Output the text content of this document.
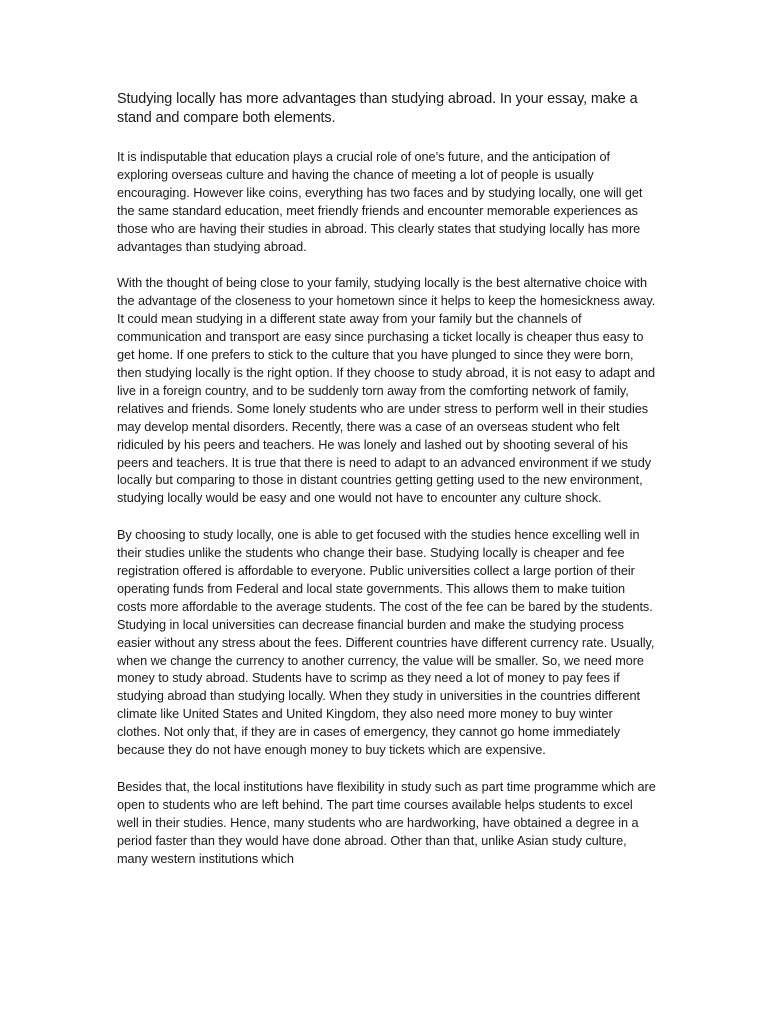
Studying locally has more advantages than studying abroad. In your essay, make a stand and compare both elements.

It is indisputable that education plays a crucial role of one’s future, and the anticipation of exploring overseas culture and having the chance of meeting a lot of people is usually encouraging. However like coins, everything has two faces and by studying locally, one will get the same standard education, meet friendly friends and encounter memorable experiences as those who are having their studies in abroad. This clearly states that studying locally has more advantages than studying abroad.

With the thought of being close to your family, studying locally is the best alternative choice with the advantage of the closeness to your hometown since it helps to keep the homesickness away. It could mean studying in a different state away from your family but the channels of communication and transport are easy since purchasing a ticket locally is cheaper thus easy to get home. If one prefers to stick to the culture that you have plunged to since they were born, then studying locally is the right option. If they choose to study abroad, it is not easy to adapt and live in a foreign country, and to be suddenly torn away from the comforting network of family, relatives and friends. Some lonely students who are under stress to perform well in their studies may develop mental disorders. Recently, there was a case of an overseas student who felt ridiculed by his peers and teachers. He was lonely and lashed out by shooting several of his peers and teachers. It is true that there is need to adapt to an advanced environment if we study locally but comparing to those in distant countries getting getting used to the new environment, studying locally would be easy and one would not have to encounter any culture shock.

By choosing to study locally, one is able to get focused with the studies hence excelling well in their studies unlike the students who change their base. Studying locally is cheaper and fee registration offered is affordable to everyone. Public universities collect a large portion of their operating funds from Federal and local state governments. This allows them to make tuition costs more affordable to the average students. The cost of the fee can be bared by the students. Studying in local universities can decrease financial burden and make the studying process easier without any stress about the fees. Different countries have different currency rate. Usually, when we change the currency to another currency, the value will be smaller. So, we need more money to study abroad. Students have to scrimp as they need a lot of money to pay fees if studying abroad than studying locally. When they study in universities in the countries different climate like United States and United Kingdom, they also need more money to buy winter clothes. Not only that, if they are in cases of emergency, they cannot go home immediately because they do not have enough money to buy tickets which are expensive.

Besides that, the local institutions have flexibility in study such as part time programme which are open to students who are left behind. The part time courses available helps students to excel well in their studies. Hence, many students who are hardworking, have obtained a degree in a period faster than they would have done abroad. Other than that, unlike Asian study culture, many western institutions which
